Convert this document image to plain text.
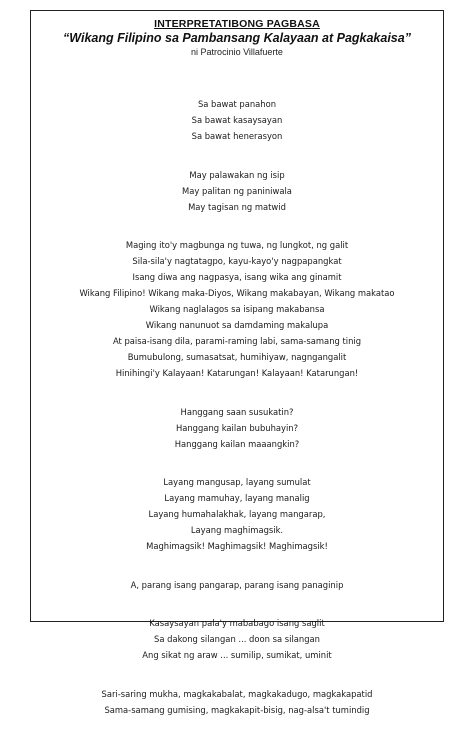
INTERPRETATIBONG PAGBASA
“Wikang Filipino sa Pambansang Kalayaan at Pagkakaisa”
ni Patrocinio Villafuerte
Sa bawat panahon
Sa bawat kasaysayan
Sa bawat henerasyon
May palawakan ng isip
May palitan ng paniniwala
May tagisan ng matwid
Maging ito'y magbunga ng tuwa, ng lungkot, ng galit
Sila-sila'y nagtatagpo, kayu-kayo'y nagpapangkat
Isang diwa ang nagpasya, isang wika ang ginamit
Wikang Filipino! Wikang maka-Diyos, Wikang makabayan, Wikang makatao
Wikang naglalagos sa isipang makabansa
Wikang nanunuot sa damdaming makalupa
At paisa-isang dila, parami-raming labi, sama-samang tinig
Bumubulong, sumasatsat, humihiyaw, nagngangalit
Hinihingi'y Kalayaan! Katarungan! Kalayaan! Katarungan!
Hanggang saan susukatin?
Hanggang kailan bubuhayin?
Hanggang kailan maaangkin?
Layang mangusap, layang sumulat
Layang mamuhay, layang manalig
Layang humahalakhak, layang mangarap,
Layang maghimagsik.
Maghimagsik! Maghimagsik! Maghimagsik!
A, parang isang pangarap, parang isang panaginip
Kasaysayan pala'y mababago isang saglit
Sa dakong silangan ... doon sa silangan
Ang sikat ng araw ... sumilip, sumikat, uminit
Sari-saring mukha, magkakabalat, magkakadugo, magkakapatid
Sama-samang gumising, magkakapit-bisig, nag-alsa't tumindig
